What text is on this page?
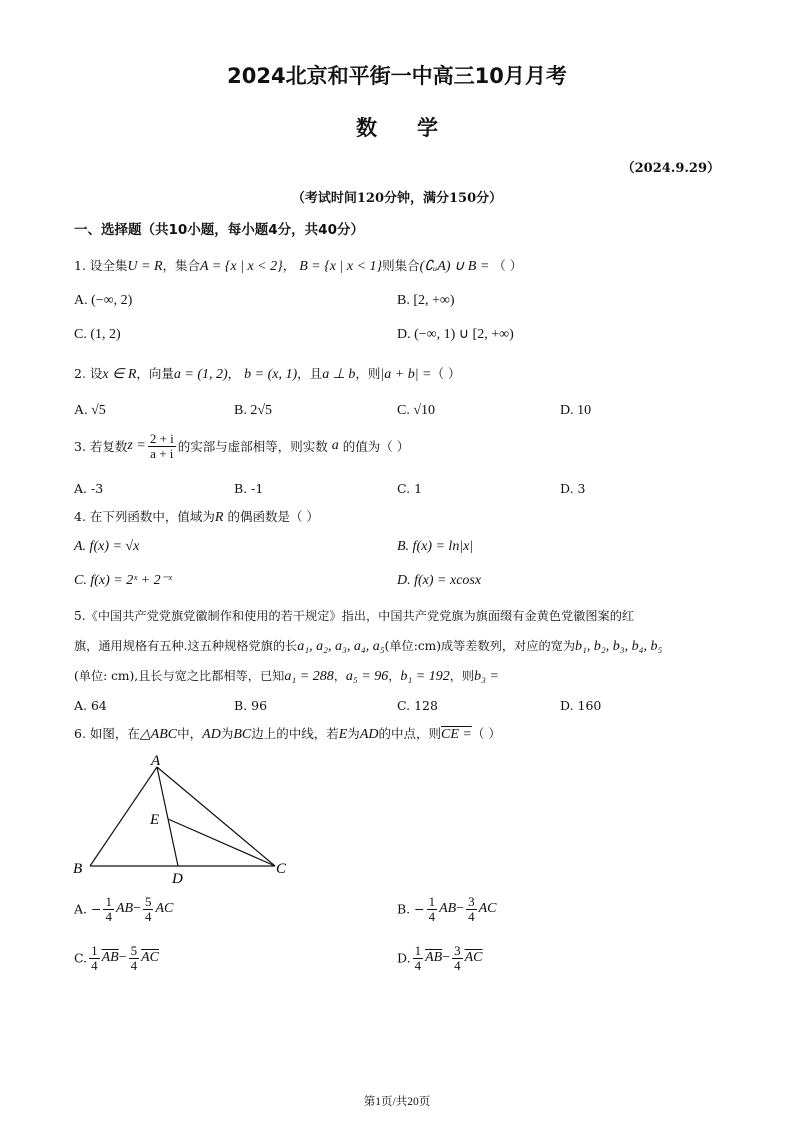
2024北京和平街一中高三10月月考
数学
（2024.9.29）
（考试时间120分钟，满分150分）
一、选择题（共10小题，每小题4分，共40分）
1. 设全集U = R，集合A = {x | x < 2}， B = {x | x < 1}则集合(∁ᵤA) ∪ B = （ ）
A. (−∞, 2)	B. [2, +∞)
C. (1, 2)	D. (−∞, 1) ∪ [2, +∞)
2. 设x ∈ R，向量a = (1, 2)， b = (x, 1)，且a ⊥ b，则|a + b| =（ ）
A. √5	B. 2√5	C. √10	D. 10
3. 若复数$z = \frac{2 + i}{a + i}$ 的实部与虚部相等，则实数 a 的值为（ ）
A. -3	B. -1	C. 1	D. 3
4. 在下列函数中，值域为R 的偶函数是（ ）
A. f(x) = √x	B. f(x) = ln|x|
C. f(x) = 2ˣ + 2⁻ˣ	D. f(x) = xcosx
5.《中国共产党党旗党徽制作和使用的若干规定》指出，中国共产党党旗为旗面缀有金黄色党徽图案的红
旗，通用规格有五种.这五种规格党旗的长a₁, a₂, a₃, a₄, a₅(单位:cm)成等差数列，对应的宽为b₁, b₂, b₃, b₄, b₅
(单位: cm),且长与宽之比都相等，已知a₁ = 288，a₅ = 96，b₁ = 192，则b₃ =
A. 64	B. 96	C. 128	D. 160
6. 如图，在△ABC中，AD为BC边上的中线，若E为AD的中点，则CE =（ ）
A
B	C
D
E
A. − $\frac{1}{4} AB- \frac{5}{4}$ AC	B. − $\frac{1}{4} AB- \frac{3}{4}$ AC
C. $\frac{1}{4} \overline{AB}- \frac{5}{4} \overline{AC}$	D. $\frac{1}{4} \overline{AB}- \frac{3}{4} \overline{AC}$
第1页/共20页
